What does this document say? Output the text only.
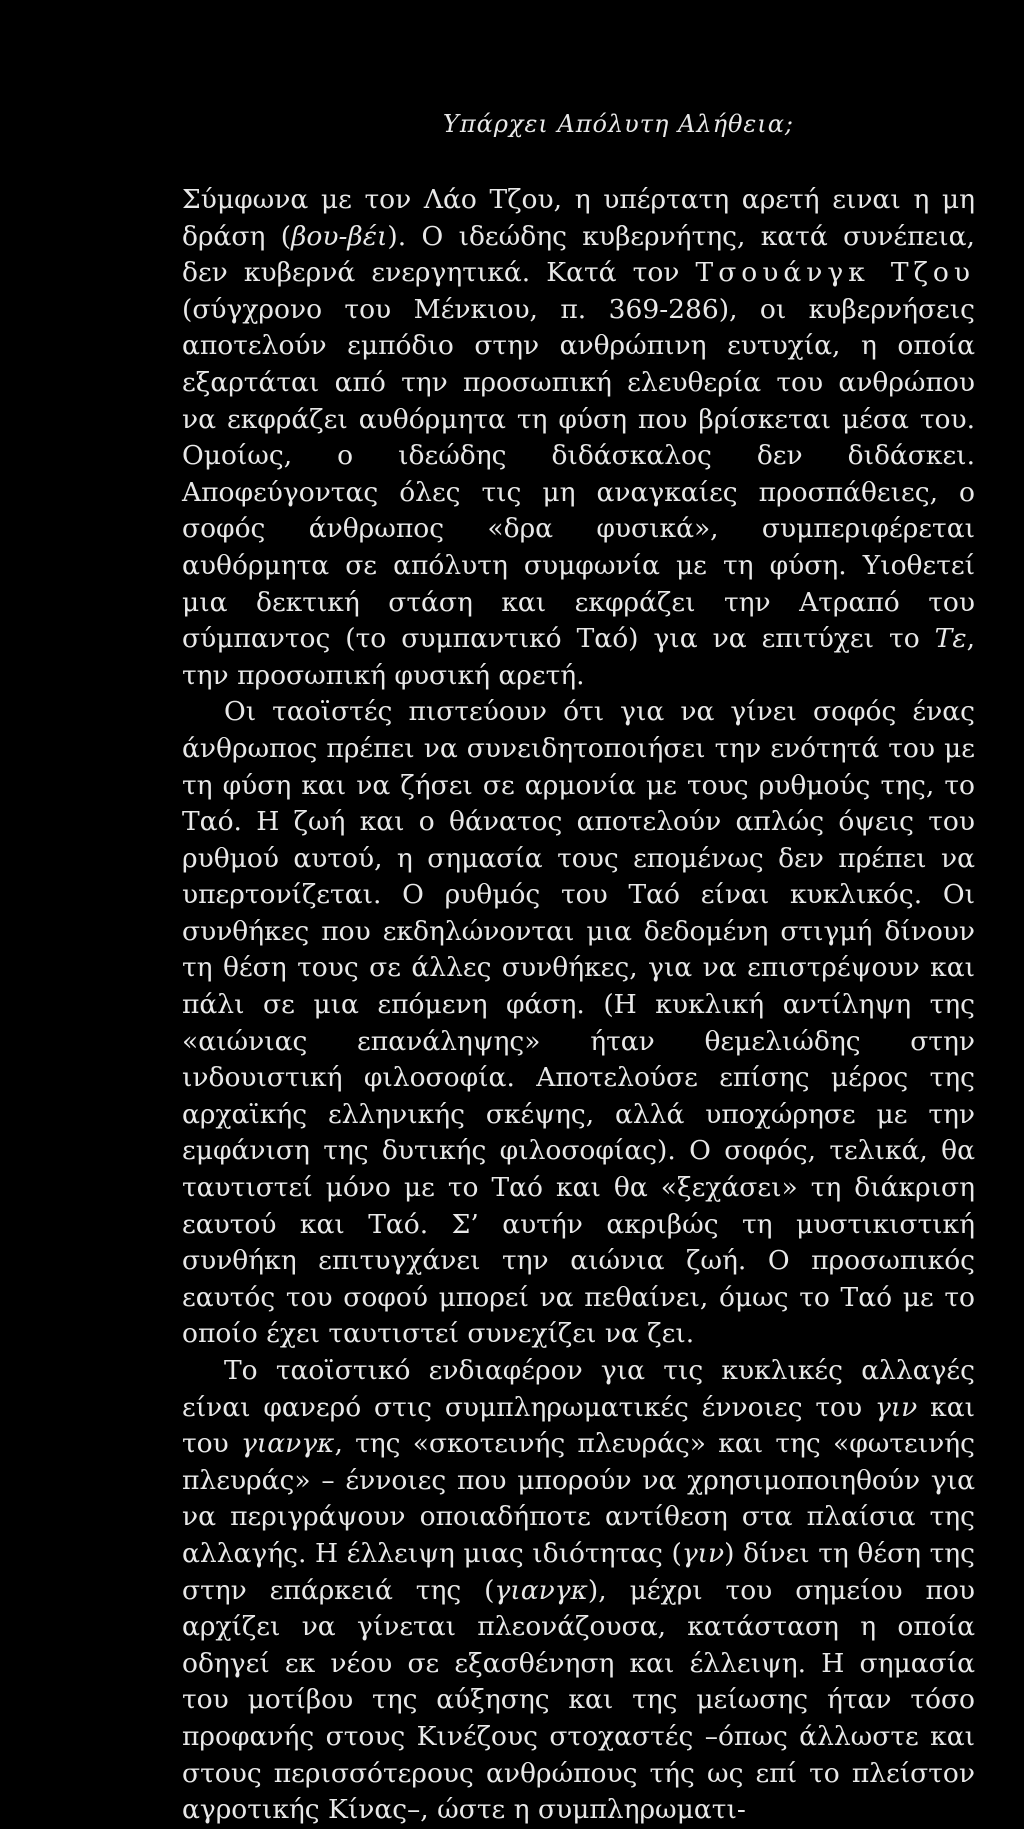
Υπάρχει Απόλυτη Αλήθεια;

Σύμφωνα με τον Λάο Τζου, η υπέρτατη αρετή ειναι η μη δράση (βου-βέι). Ο ιδεώδης κυβερνήτης, κατά συνέπεια, δεν κυβερνά ενεργητικά. Κατά τον Τσουάνγκ Τζου (σύγχρονο του Μένκιου, π. 369-286), οι κυβερνήσεις αποτελούν εμπόδιο στην ανθρώπινη ευτυχία, η οποία εξαρτάται από την προσωπική ελευθερία του ανθρώπου να εκφράζει αυθόρμητα τη φύση που βρίσκεται μέσα του. Ομοίως, ο ιδεώδης διδάσκαλος δεν διδάσκει. Αποφεύγοντας όλες τις μη αναγκαίες προσπάθειες, ο σοφός άνθρωπος «δρα φυσικά», συμπεριφέρεται αυθόρμητα σε απόλυτη συμφωνία με τη φύση. Υιοθετεί μια δεκτική στάση και εκφράζει την Ατραπό του σύμπαντος (το συμπαντικό Ταό) για να επιτύχει το Τε, την προσωπική φυσική αρετή.

Οι ταοϊστές πιστεύουν ότι για να γίνει σοφός ένας άνθρωπος πρέπει να συνειδητοποιήσει την ενότητά του με τη φύση και να ζήσει σε αρμονία με τους ρυθμούς της, το Ταό. Η ζωή και ο θάνατος αποτελούν απλώς όψεις του ρυθμού αυτού, η σημασία τους επομένως δεν πρέπει να υπερτονίζεται. Ο ρυθμός του Ταό είναι κυκλικός. Οι συνθήκες που εκδηλώνονται μια δεδομένη στιγμή δίνουν τη θέση τους σε άλλες συνθήκες, για να επιστρέψουν και πάλι σε μια επόμενη φάση. (Η κυκλική αντίληψη της «αιώνιας επανάληψης» ήταν θεμελιώδης στην ινδουιστική φιλοσοφία. Αποτελούσε επίσης μέρος της αρχαϊκής ελληνικής σκέψης, αλλά υποχώρησε με την εμφάνιση της δυτικής φιλοσοφίας). Ο σοφός, τελικά, θα ταυτιστεί μόνο με το Ταό και θα «ξεχάσει» τη διάκριση εαυτού και Ταό. Σ’ αυτήν ακριβώς τη μυστικιστική συνθήκη επιτυγχάνει την αιώνια ζωή. Ο προσωπικός εαυτός του σοφού μπορεί να πεθαίνει, όμως το Ταό με το οποίο έχει ταυτιστεί συνεχίζει να ζει.

Το ταοϊστικό ενδιαφέρον για τις κυκλικές αλλαγές είναι φανερό στις συμπληρωματικές έννοιες του γιν και του γιανγκ, της «σκοτεινής πλευράς» και της «φωτεινής πλευράς» – έννοιες που μπορούν να χρησιμοποιηθούν για να περιγράψουν οποιαδήποτε αντίθεση στα πλαίσια της αλλαγής. Η έλλειψη μιας ιδιότητας (γιν) δίνει τη θέση της στην επάρκειά της (γιανγκ), μέχρι του σημείου που αρχίζει να γίνεται πλεονάζουσα, κατάσταση η οποία οδηγεί εκ νέου σε εξασθένηση και έλλειψη. Η σημασία του μοτίβου της αύξησης και της μείωσης ήταν τόσο προφανής στους Κινέζους στοχαστές –όπως άλλωστε και στους περισσότερους ανθρώπους τής ως επί το πλείστον αγροτικής Κίνας–, ώστε η συμπληρωματι-
